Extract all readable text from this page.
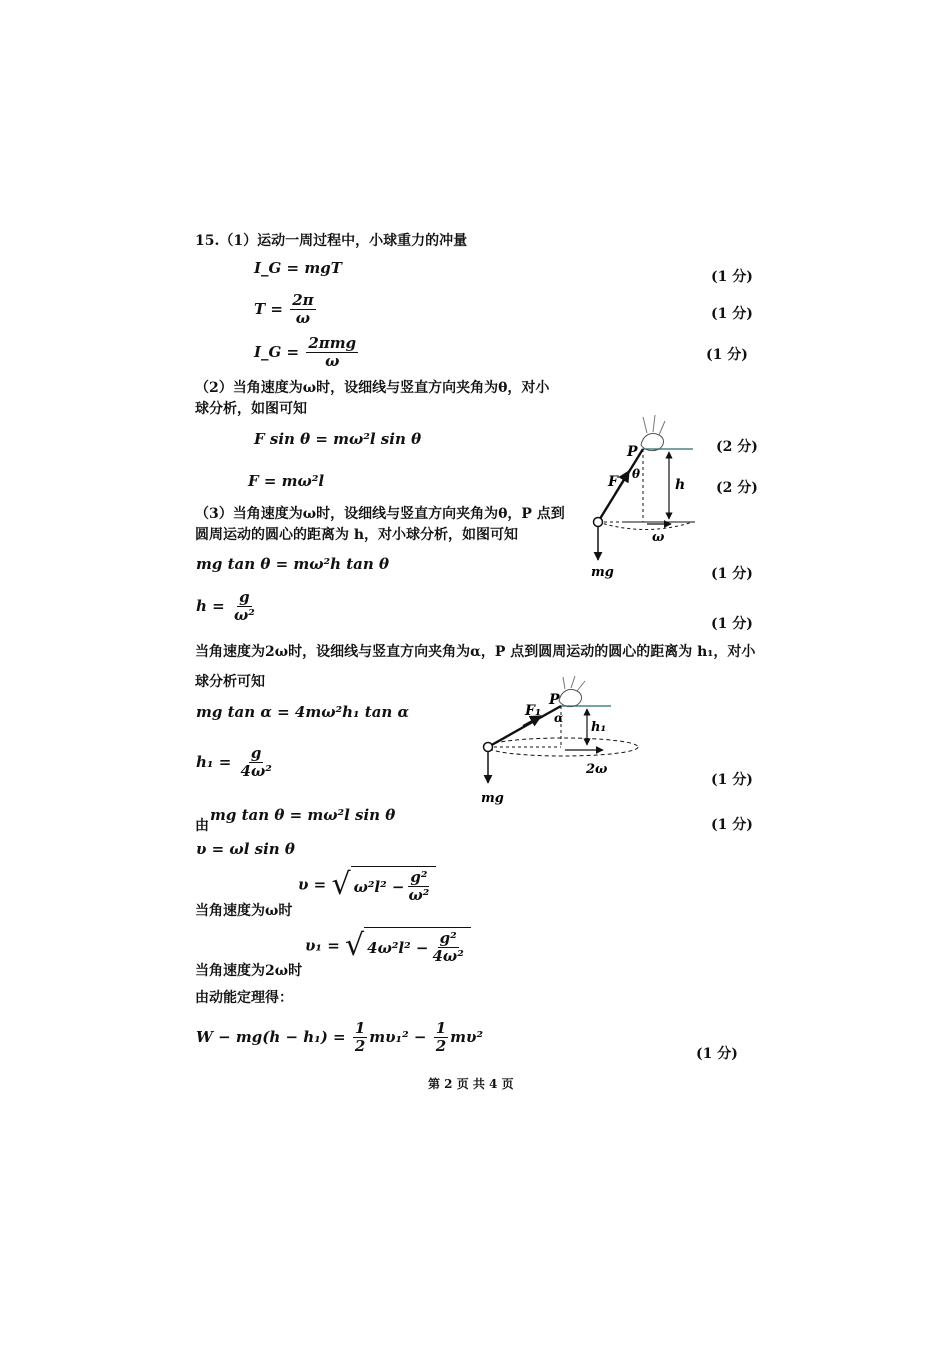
15.（1）运动一周过程中，小球重力的冲量
I_G = mgT	(1 分)
$T = \frac{2\pi}{\omega}$	(1 分)
I_G = $\frac{\text{2πmg}}{\omega}$	(1 分)
（2）当角速度为ω时，设细线与竖直方向夹角为θ，对小
球分析，如图可知
F sin θ = mω²l sin θ	(2 分)
F = mω²l	(2 分)
P
F θ
h
ω
mg
（3）当角速度为ω时，设细线与竖直方向夹角为θ，P 点到
圆周运动的圆心的距离为 h，对小球分析，如图可知
mg tan θ = mω²h tan θ
(1 分)
$h = \frac{g}{\text{ω²}}$	(1 分)
当角速度为2ω时，设细线与竖直方向夹角为α，P 点到圆周运动的圆心的距离为 h₁，对小
球分析可知
mg tan α = 4mω²h₁ tan α
$h_1 = \frac{g}{\text{4ω²}}$	(1 分)
P
F₁ α
h₁
2ω
mg
由
mg tan θ = mω²l sin θ
(1 分)
υ = ωl sin θ
当角速度为ω时
υ = √ $\omega^2l^2 - \frac{\text{g²}}{\text{ω²}}$
当角速度为2ω时
υ₁ = √ $4\omega^2l^2 - \frac{\text{g²}}{\text{4ω²}}$
由动能定理得：
$W - mg(h - h_1) = \frac{1}{2} m\upsilon_1^2 - \frac{1}{2} m\upsilon^2$
(1 分)
第 2 页 共 4 页
